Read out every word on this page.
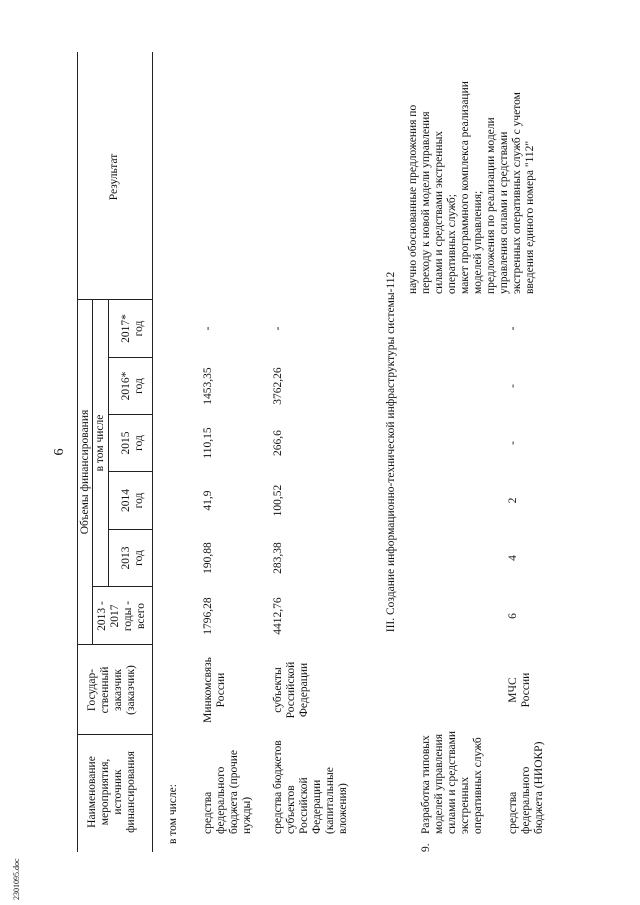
6
Наименование
мероприятия,
источник
финансирования
Государ-
ственный
заказчик
(заказчик)
Объемы финансирования
2013 -
2017
годы -
всего
в том числе
2013
год
2014
год
2015
год
2016*
год
2017*
год
Результат
в том числе: средства
федерального
бюджета (прочие
нужды)
Минкомсвязь
России
1796,28
190,88
41,9
110,15
1453,35
-
средства бюджетов
субъектов
Российской
Федерации
(капитальные
вложения)
субъекты
Российской
Федерации
4412,76
283,38
100,52
266,6
3762,26
-	III. Создание информационно-технической инфраструктуры системы-112
9.
Разработка типовых
моделей управления
силами и средствами
экстренных
оперативных служб
научно обоснованные предложения по
переходу к новой модели управления
силами и средствами экстренных
оперативных служб;
макет программного комплекса реализации
моделей управления;
предложения по реализации модели
управления силами и средствами
экстренных оперативных служб с учетом
введения единого номера "112"
средства
федерального
бюджета (НИОКР)
МЧС
России
6
4
2
-
-
-
2301095.doc
